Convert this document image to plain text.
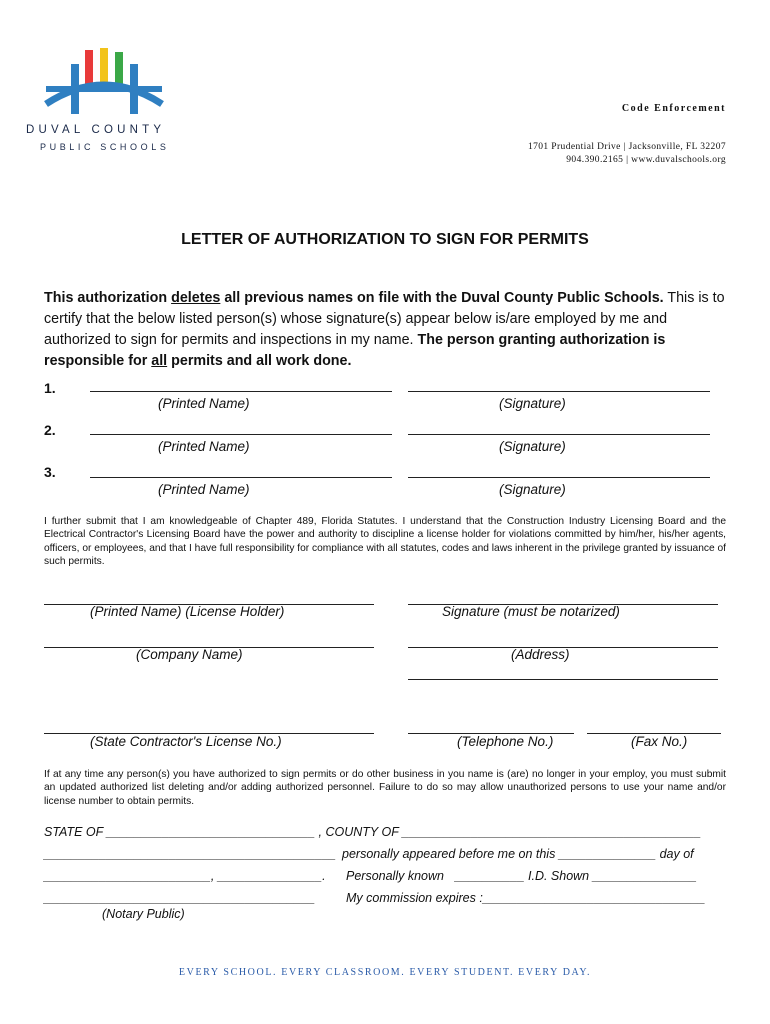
DUVAL COUNTY
PUBLIC SCHOOLS
Code Enforcement
1701 Prudential Drive | Jacksonville, FL 32207
904.390.2165 | www.duvalschools.org
LETTER OF AUTHORIZATION TO SIGN FOR PERMITS
This authorization deletes all previous names on file with the Duval County Public Schools. This is to certify that the below listed person(s) whose signature(s) appear below is/are employed by me and authorized to sign for permits and inspections in my name. The person granting authorization is responsible for all permits and all work done.
1.
(Printed Name)	(Signature)
2.
(Printed Name)	(Signature)
3.
(Printed Name)	(Signature)
I further submit that I am knowledgeable of Chapter 489, Florida Statutes. I understand that the Construction Industry Licensing Board and the Electrical Contractor's Licensing Board have the power and authority to discipline a license holder for violations committed by him/her, his/her agents, officers, or employees, and that I have full responsibility for compliance with all statutes, codes and laws inherent in the privilege granted by issuance of such permits.
(Printed Name) (License Holder)	Signature (must be notarized)
(Company Name)	(Address)
(State Contractor's License No.)	(Telephone No.)	(Fax No.)
If at any time any person(s) you have authorized to sign permits or do other business in you name is (are) no longer in your employ, you must submit an updated authorized list deleting and/or adding authorized personnel. Failure to do so may allow unauthorized persons to use your name and/or license number to obtain permits.
STATE OF ______________________________ , COUNTY OF ___________________________________________
__________________________________________ personally appeared before me on this ______________ day of
________________________, _______________. Personally known __________ I.D. Shown _______________
_______________________________________ My commission expires :________________________________
(Notary Public)
EVERY SCHOOL. EVERY CLASSROOM. EVERY STUDENT. EVERY DAY.
